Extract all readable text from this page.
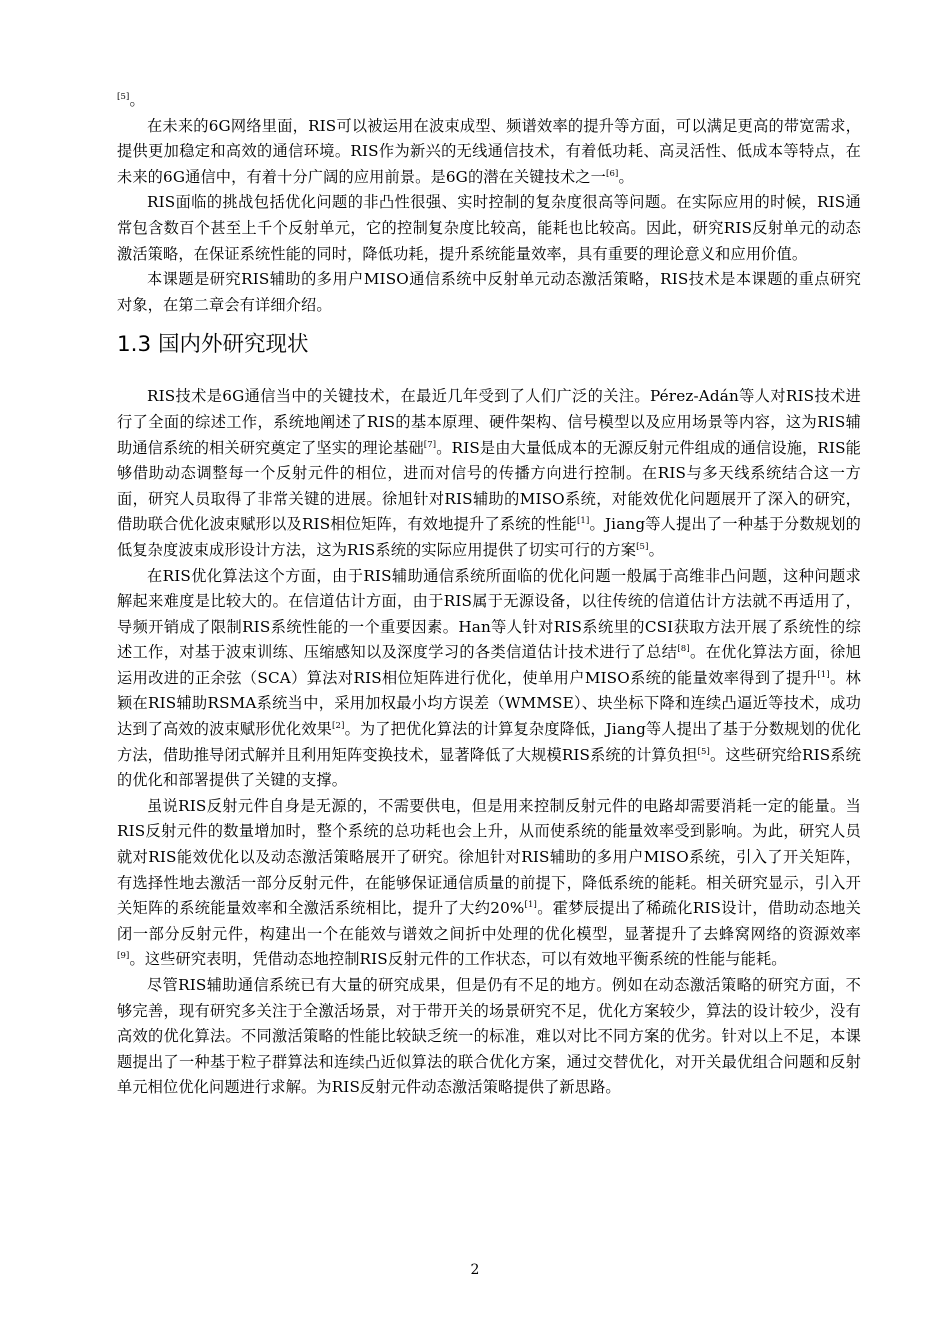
[5]。

在未来的6G网络里面，RIS可以被运用在波束成型、频谱效率的提升等方面，可以满足更高的带宽需求，提供更加稳定和高效的通信环境。RIS作为新兴的无线通信技术，有着低功耗、高灵活性、低成本等特点，在未来的6G通信中，有着十分广阔的应用前景。是6G的潜在关键技术之一[6]。

RIS面临的挑战包括优化问题的非凸性很强、实时控制的复杂度很高等问题。在实际应用的时候，RIS通常包含数百个甚至上千个反射单元，它的控制复杂度比较高，能耗也比较高。因此，研究RIS反射单元的动态激活策略，在保证系统性能的同时，降低功耗，提升系统能量效率，具有重要的理论意义和应用价值。

本课题是研究RIS辅助的多用户MISO通信系统中反射单元动态激活策略，RIS技术是本课题的重点研究对象，在第二章会有详细介绍。

1.3 国内外研究现状

RIS技术是6G通信当中的关键技术，在最近几年受到了人们广泛的关注。Pérez-Adán等人对RIS技术进行了全面的综述工作，系统地阐述了RIS的基本原理、硬件架构、信号模型以及应用场景等内容，这为RIS辅助通信系统的相关研究奠定了坚实的理论基础[7]。RIS是由大量低成本的无源反射元件组成的通信设施，RIS能够借助动态调整每一个反射元件的相位，进而对信号的传播方向进行控制。在RIS与多天线系统结合这一方面，研究人员取得了非常关键的进展。徐旭针对RIS辅助的MISO系统，对能效优化问题展开了深入的研究，借助联合优化波束赋形以及RIS相位矩阵，有效地提升了系统的性能[1]。Jiang等人提出了一种基于分数规划的低复杂度波束成形设计方法，这为RIS系统的实际应用提供了切实可行的方案[5]。

在RIS优化算法这个方面，由于RIS辅助通信系统所面临的优化问题一般属于高维非凸问题，这种问题求解起来难度是比较大的。在信道估计方面，由于RIS属于无源设备，以往传统的信道估计方法就不再适用了，导频开销成了限制RIS系统性能的一个重要因素。Han等人针对RIS系统里的CSI获取方法开展了系统性的综述工作，对基于波束训练、压缩感知以及深度学习的各类信道估计技术进行了总结[8]。在优化算法方面，徐旭运用改进的正余弦（SCA）算法对RIS相位矩阵进行优化，使单用户MISO系统的能量效率得到了提升[1]。林颖在RIS辅助RSMA系统当中，采用加权最小均方误差（WMMSE）、块坐标下降和连续凸逼近等技术，成功达到了高效的波束赋形优化效果[2]。为了把优化算法的计算复杂度降低，Jiang等人提出了基于分数规划的优化方法，借助推导闭式解并且利用矩阵变换技术，显著降低了大规模RIS系统的计算负担[5]。这些研究给RIS系统的优化和部署提供了关键的支撑。

虽说RIS反射元件自身是无源的，不需要供电，但是用来控制反射元件的电路却需要消耗一定的能量。当RIS反射元件的数量增加时，整个系统的总功耗也会上升，从而使系统的能量效率受到影响。为此，研究人员就对RIS能效优化以及动态激活策略展开了研究。徐旭针对RIS辅助的多用户MISO系统，引入了开关矩阵，有选择性地去激活一部分反射元件，在能够保证通信质量的前提下，降低系统的能耗。相关研究显示，引入开关矩阵的系统能量效率和全激活系统相比，提升了大约20%[1]。霍梦辰提出了稀疏化RIS设计，借助动态地关闭一部分反射元件，构建出一个在能效与谱效之间折中处理的优化模型，显著提升了去蜂窝网络的资源效率[9]。这些研究表明，凭借动态地控制RIS反射元件的工作状态，可以有效地平衡系统的性能与能耗。

尽管RIS辅助通信系统已有大量的研究成果，但是仍有不足的地方。例如在动态激活策略的研究方面，不够完善，现有研究多关注于全激活场景，对于带开关的场景研究不足，优化方案较少，算法的设计较少，没有高效的优化算法。不同激活策略的性能比较缺乏统一的标准，难以对比不同方案的优劣。针对以上不足，本课题提出了一种基于粒子群算法和连续凸近似算法的联合优化方案，通过交替优化，对开关最优组合问题和反射单元相位优化问题进行求解。为RIS反射元件动态激活策略提供了新思路。

2
